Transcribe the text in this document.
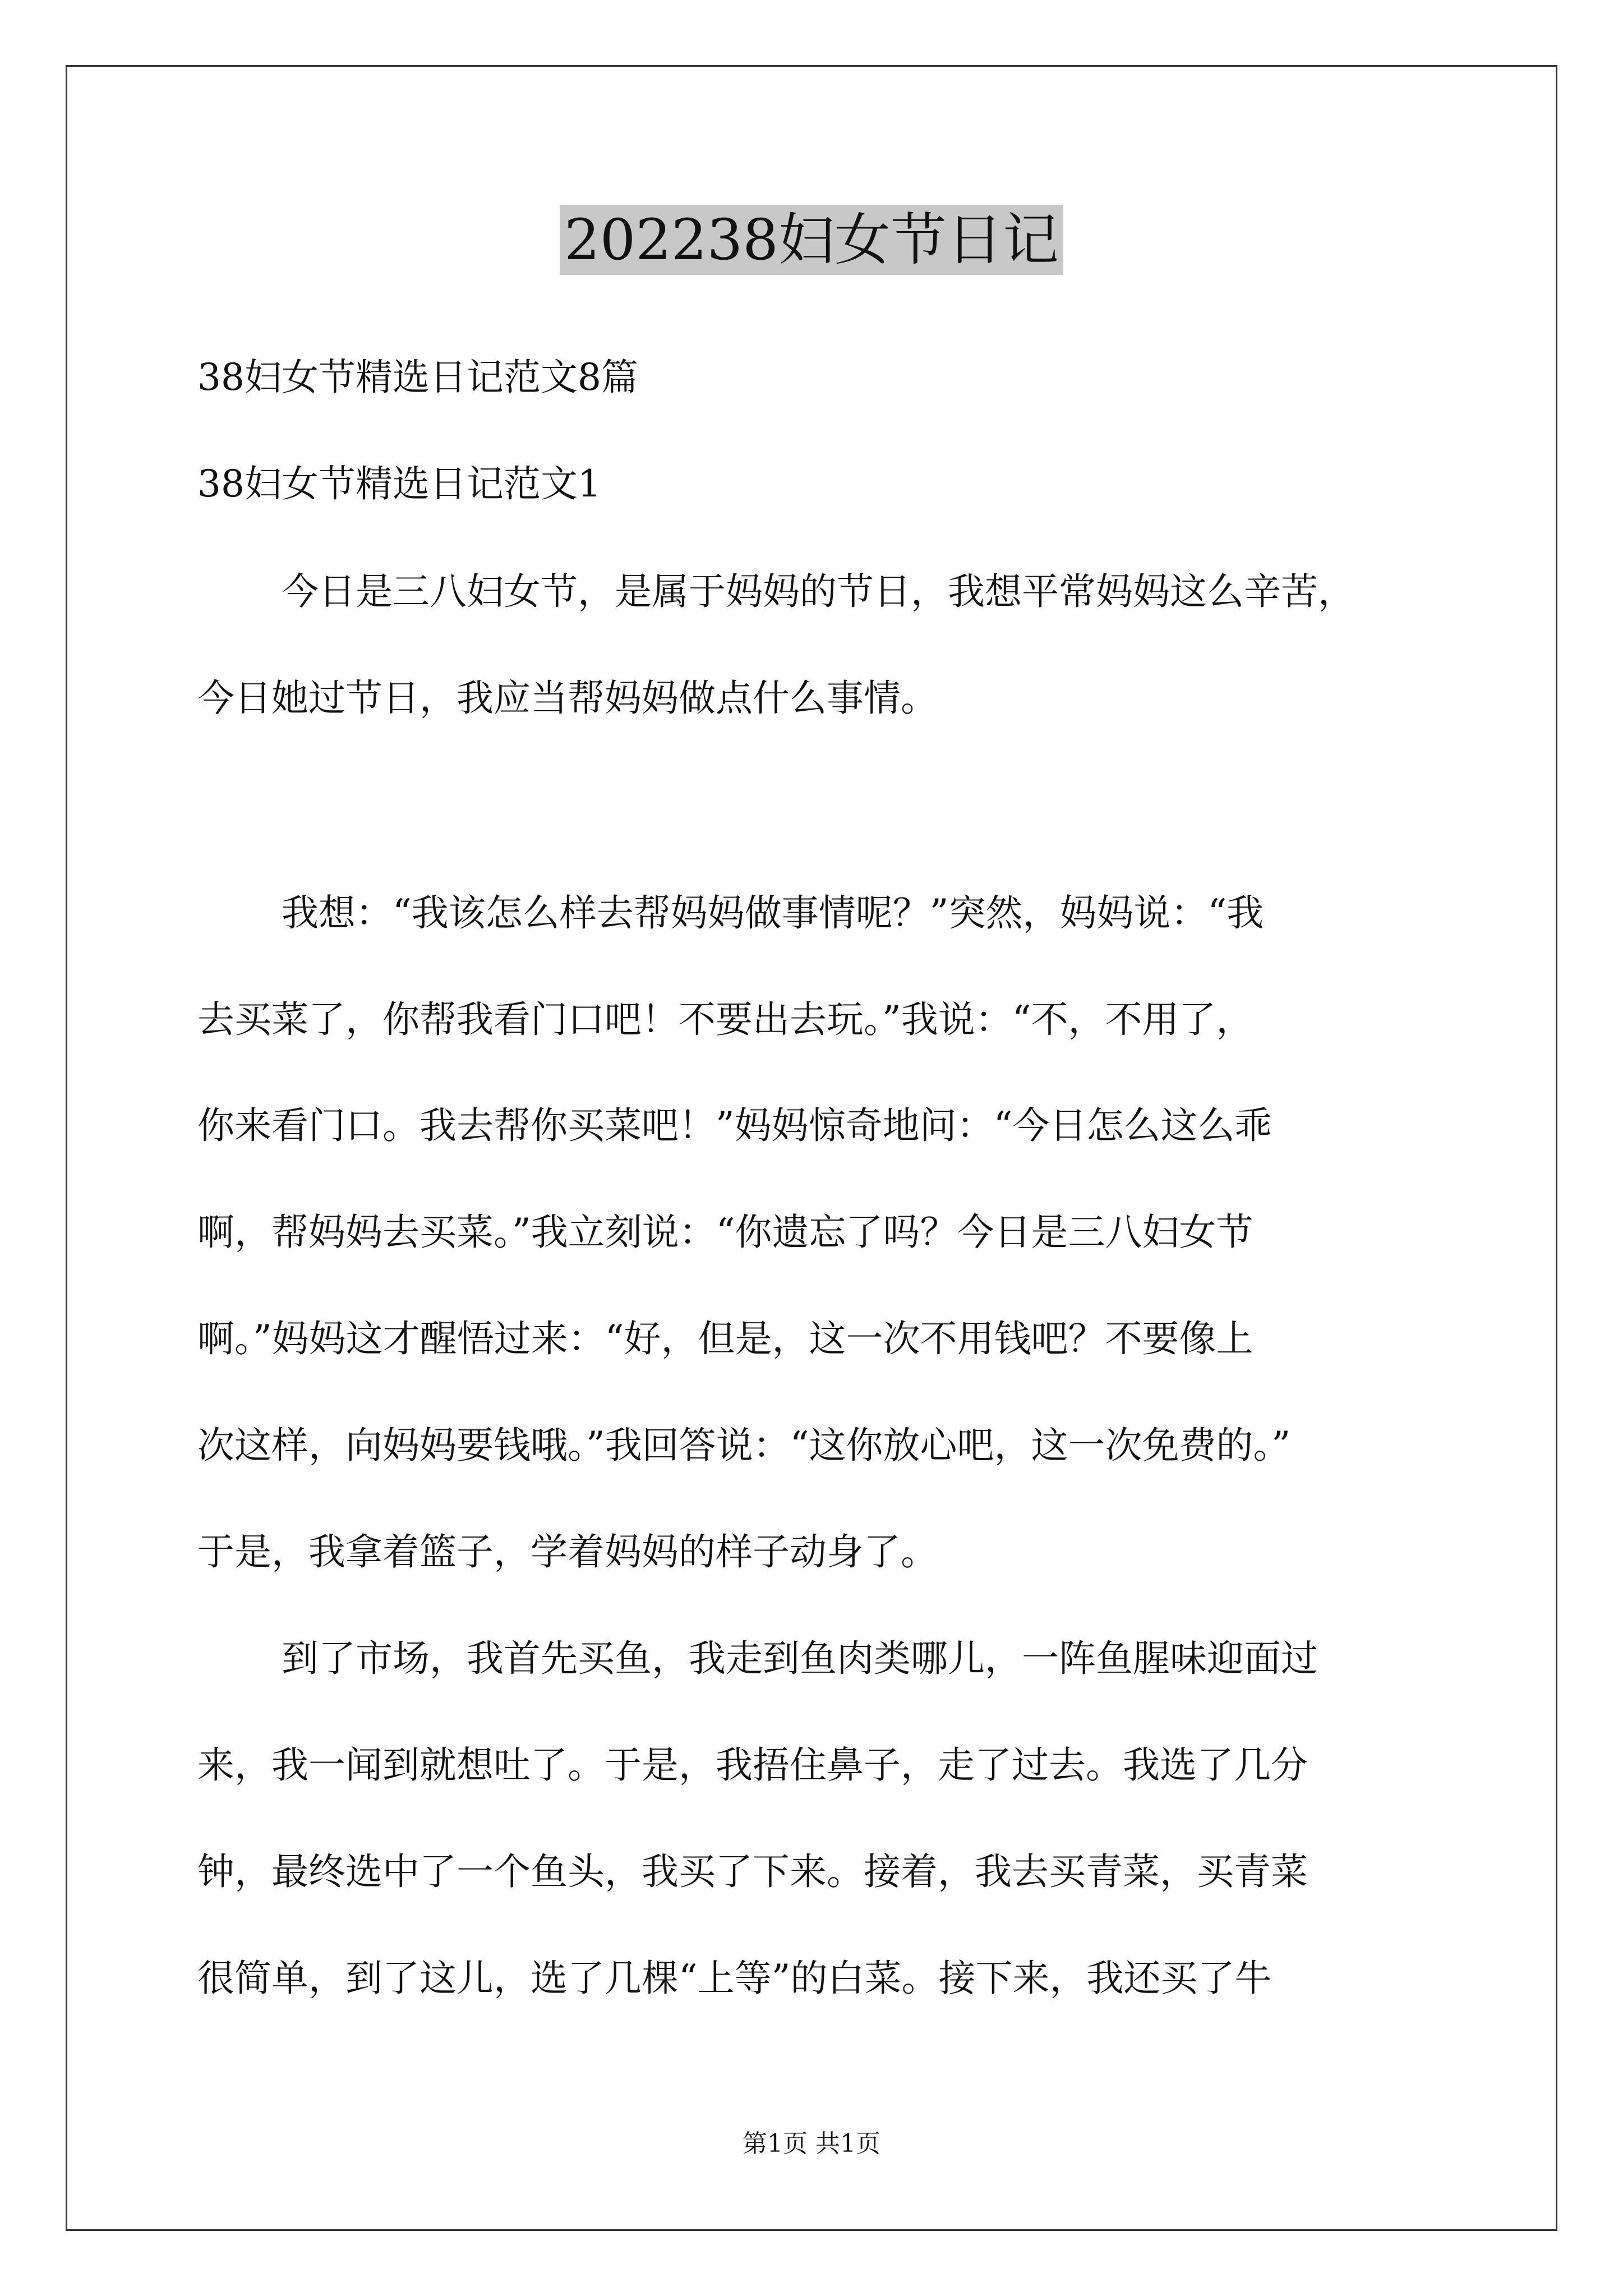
202238妇女节日记

38妇女节精选日记范文8篇

38妇女节精选日记范文1

今日是三八妇女节，是属于妈妈的节日，我想平常妈妈这么辛苦，

今日她过节日，我应当帮妈妈做点什么事情。

我想：“我该怎么样去帮妈妈做事情呢？”突然，妈妈说：“我

去买菜了，你帮我看门口吧！不要出去玩。”我说：“不，不用了，

你来看门口。我去帮你买菜吧！”妈妈惊奇地问：“今日怎么这么乖

啊，帮妈妈去买菜。”我立刻说：“你遗忘了吗？今日是三八妇女节

啊。”妈妈这才醒悟过来：“好，但是，这一次不用钱吧？不要像上

次这样，向妈妈要钱哦。”我回答说：“这你放心吧，这一次免费的。”

于是，我拿着篮子，学着妈妈的样子动身了。

到了市场，我首先买鱼，我走到鱼肉类哪儿，一阵鱼腥味迎面过

来，我一闻到就想吐了。于是，我捂住鼻子，走了过去。我选了几分

钟，最终选中了一个鱼头，我买了下来。接着，我去买青菜，买青菜

很简单，到了这儿，选了几棵“上等”的白菜。接下来，我还买了牛

第1页 共1页
